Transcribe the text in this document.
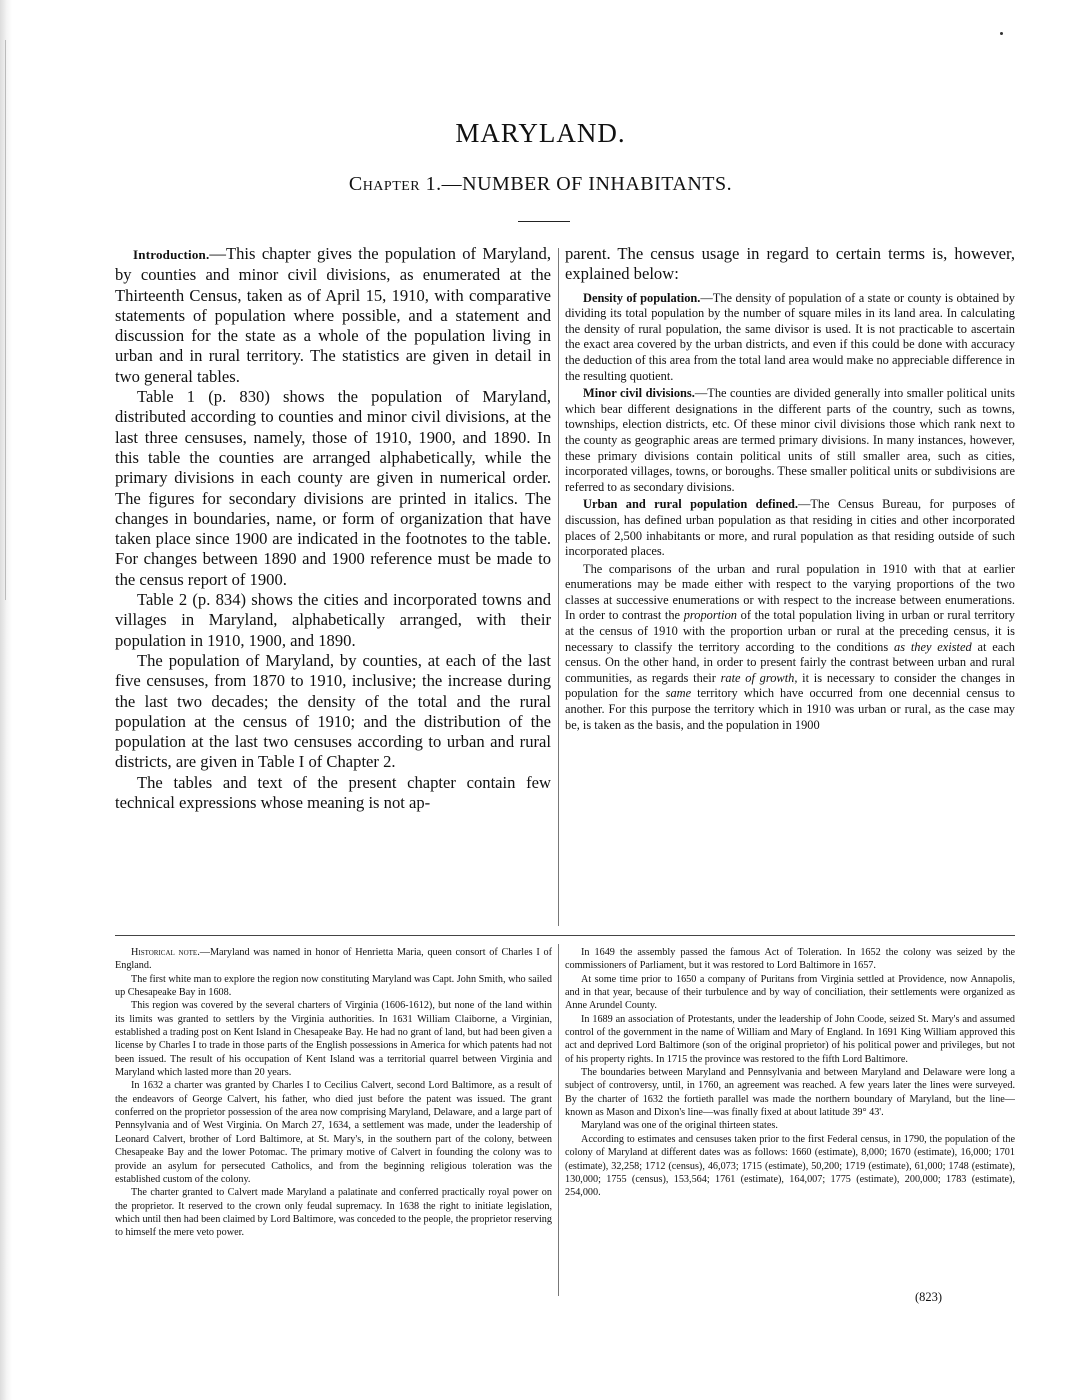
MARYLAND.
Chapter 1.—NUMBER OF INHABITANTS.

Introduction.—This chapter gives the population of Maryland, by counties and minor civil divisions, as enumerated at the Thirteenth Census, taken as of April 15, 1910, with comparative statements of population where possible, and a statement and discussion for the state as a whole of the population living in urban and in rural territory. The statistics are given in detail in two general tables.

Table 1 (p. 830) shows the population of Maryland, distributed according to counties and minor civil divisions, at the last three censuses, namely, those of 1910, 1900, and 1890. In this table the counties are arranged alphabetically, while the primary divisions in each county are given in numerical order. The figures for secondary divisions are printed in italics. The changes in boundaries, name, or form of organization that have taken place since 1900 are indicated in the footnotes to the table. For changes between 1890 and 1900 reference must be made to the census report of 1900.

Table 2 (p. 834) shows the cities and incorporated towns and villages in Maryland, alphabetically arranged, with their population in 1910, 1900, and 1890.

The population of Maryland, by counties, at each of the last five censuses, from 1870 to 1910, inclusive; the increase during the last two decades; the density of the total and the rural population at the census of 1910; and the distribution of the population at the last two censuses according to urban and rural districts, are given in Table I of Chapter 2.

The tables and text of the present chapter contain few technical expressions whose meaning is not ap-

parent. The census usage in regard to certain terms is, however, explained below:

Density of population.—The density of population of a state or county is obtained by dividing its total population by the number of square miles in its land area. In calculating the density of rural population, the same divisor is used. It is not practicable to ascertain the exact area covered by the urban districts, and even if this could be done with accuracy the deduction of this area from the total land area would make no appreciable difference in the resulting quotient.

Minor civil divisions.—The counties are divided generally into smaller political units which bear different designations in the different parts of the country, such as towns, townships, election districts, etc. Of these minor civil divisions those which rank next to the county as geographic areas are termed primary divisions. In many instances, however, these primary divisions contain political units of still smaller area, such as cities, incorporated villages, towns, or boroughs. These smaller political units or subdivisions are referred to as secondary divisions.

Urban and rural population defined.—The Census Bureau, for purposes of discussion, has defined urban population as that residing in cities and other incorporated places of 2,500 inhabitants or more, and rural population as that residing outside of such incorporated places.

The comparisons of the urban and rural population in 1910 with that at earlier enumerations may be made either with respect to the varying proportions of the two classes at successive enumerations or with respect to the increase between enumerations. In order to contrast the proportion of the total population living in urban or rural territory at the census of 1910 with the proportion urban or rural at the preceding census, it is necessary to classify the territory according to the conditions as they existed at each census. On the other hand, in order to present fairly the contrast between urban and rural communities, as regards their rate of growth, it is necessary to consider the changes in population for the same territory which have occurred from one decennial census to another. For this purpose the territory which in 1910 was urban or rural, as the case may be, is taken as the basis, and the population in 1900

Historical note.—Maryland was named in honor of Henrietta Maria, queen consort of Charles I of England.

The first white man to explore the region now constituting Maryland was Capt. John Smith, who sailed up Chesapeake Bay in 1608.

This region was covered by the several charters of Virginia (1606-1612), but none of the land within its limits was granted to settlers by the Virginia authorities. In 1631 William Claiborne, a Virginian, established a trading post on Kent Island in Chesapeake Bay. He had no grant of land, but had been given a license by Charles I to trade in those parts of the English possessions in America for which patents had not been issued. The result of his occupation of Kent Island was a territorial quarrel between Virginia and Maryland which lasted more than 20 years.

In 1632 a charter was granted by Charles I to Cecilius Calvert, second Lord Baltimore, as a result of the endeavors of George Calvert, his father, who died just before the patent was issued. The grant conferred on the proprietor possession of the area now comprising Maryland, Delaware, and a large part of Pennsylvania and of West Virginia. On March 27, 1634, a settlement was made, under the leadership of Leonard Calvert, brother of Lord Baltimore, at St. Mary's, in the southern part of the colony, between Chesapeake Bay and the lower Potomac. The primary motive of Calvert in founding the colony was to provide an asylum for persecuted Catholics, and from the beginning religious toleration was the established custom of the colony.

The charter granted to Calvert made Maryland a palatinate and conferred practically royal power on the proprietor. It reserved to the crown only feudal supremacy. In 1638 the right to initiate legislation, which until then had been claimed by Lord Baltimore, was conceded to the people, the proprietor reserving to himself the mere veto power.

In 1649 the assembly passed the famous Act of Toleration. In 1652 the colony was seized by the commissioners of Parliament, but it was restored to Lord Baltimore in 1657.

At some time prior to 1650 a company of Puritans from Virginia settled at Providence, now Annapolis, and in that year, because of their turbulence and by way of conciliation, their settlements were organized as Anne Arundel County.

In 1689 an association of Protestants, under the leadership of John Coode, seized St. Mary's and assumed control of the government in the name of William and Mary of England. In 1691 King William approved this act and deprived Lord Baltimore (son of the original proprietor) of his political power and privileges, but not of his property rights. In 1715 the province was restored to the fifth Lord Baltimore.

The boundaries between Maryland and Pennsylvania and between Maryland and Delaware were long a subject of controversy, until, in 1760, an agreement was reached. A few years later the lines were surveyed. By the charter of 1632 the fortieth parallel was made the northern boundary of Maryland, but the line—known as Mason and Dixon's line—was finally fixed at about latitude 39° 43'.

Maryland was one of the original thirteen states.

According to estimates and censuses taken prior to the first Federal census, in 1790, the population of the colony of Maryland at different dates was as follows: 1660 (estimate), 8,000; 1670 (estimate), 16,000; 1701 (estimate), 32,258; 1712 (census), 46,073; 1715 (estimate), 50,200; 1719 (estimate), 61,000; 1748 (estimate), 130,000; 1755 (census), 153,564; 1761 (estimate), 164,007; 1775 (estimate), 200,000; 1783 (estimate), 254,000.

(823)
